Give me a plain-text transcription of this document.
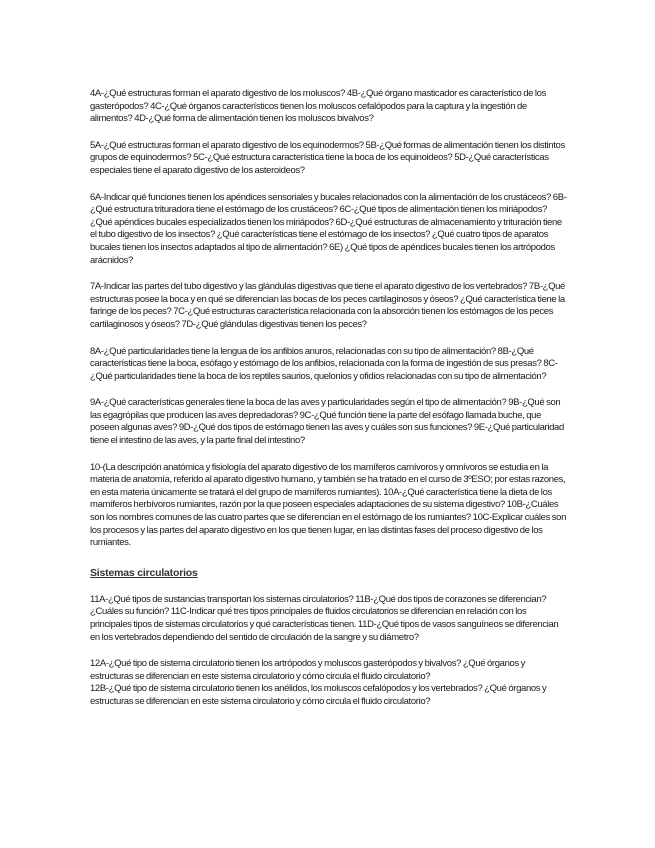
4A-¿Qué estructuras forman el aparato digestivo de los moluscos? 4B-¿Qué órgano masticador es característico de los gasterópodos? 4C-¿Qué órganos característicos tienen los moluscos cefalópodos para la captura y la ingestión de alimentos? 4D-¿Qué forma de alimentación tienen los moluscos bivalvos?

5A-¿Qué estructuras forman el aparato digestivo de los equinodermos? 5B-¿Qué formas de alimentación tienen los distintos grupos de equinodermos? 5C-¿Qué estructura característica tiene la boca de los equinoideos? 5D-¿Qué características especiales tiene el aparato digestivo de los asteroideos?

6A-Indicar qué funciones tienen los apéndices sensoriales y bucales relacionados con la alimentación de los crustáceos? 6B-¿Qué estructura trituradora tiene el estómago de los crustáceos? 6C-¿Qué tipos de alimentación tienen los miriápodos? ¿Qué apéndices bucales especializados tienen los miriápodos? 6D-¿Qué estructuras de almacenamiento y trituración tiene el tubo digestivo de los insectos? ¿Qué características tiene el estómago de los insectos? ¿Qué cuatro tipos de aparatos bucales tienen los insectos adaptados al tipo de alimentación? 6E) ¿Qué tipos de apéndices bucales tienen los artrópodos arácnidos?

7A-Indicar las partes del tubo digestivo y las glándulas digestivas que tiene el aparato digestivo de los vertebrados? 7B-¿Qué estructuras posee la boca y en qué se diferencian las bocas de los peces cartilaginosos y óseos? ¿Qué característica tiene la faringe de los peces? 7C-¿Qué estructuras característica relacionada con la absorción tienen los estómagos de los peces cartilaginosos y óseos? 7D-¿Qué glándulas digestivas tienen los peces?

8A-¿Qué particularidades tiene la lengua de los anfibios anuros, relacionadas con su tipo de alimentación? 8B-¿Qué características tiene la boca, esófago y estómago de los anfibios, relacionada con la forma de ingestión de sus presas? 8C-¿Qué particularidades tiene la boca de los reptiles saurios, quelonios y ofidios relacionadas con su tipo de alimentación?

9A-¿Qué características generales tiene la boca de las aves y particularidades según el tipo de alimentación? 9B-¿Qué son las egagrópilas que producen las aves depredadoras? 9C-¿Qué función tiene la parte del esófago llamada buche, que poseen algunas aves? 9D-¿Qué dos tipos de estómago tienen las aves y cuáles son sus funciones? 9E-¿Qué particularidad tiene el intestino de las aves, y la parte final del intestino?

10-(La descripción anatómica y fisiología del aparato digestivo de los mamíferos carnívoros y omnívoros se estudia en la materia de anatomía, referido al aparato digestivo humano, y también se ha tratado en el curso de 3ºESO; por estas razones, en esta materia únicamente se tratará el del grupo de mamíferos rumiantes). 10A-¿Qué característica tiene la dieta de los mamíferos herbívoros rumiantes, razón por la que poseen especiales adaptaciones de su sistema digestivo? 10B-¿Cuáles son los nombres comunes de las cuatro partes que se diferencian en el estómago de los rumiantes? 10C-Explicar cuáles son los procesos y las partes del aparato digestivo en los que tienen lugar, en las distintas fases del proceso digestivo de los rumiantes.

Sistemas circulatorios

11A-¿Qué tipos de sustancias transportan los sistemas circulatorios? 11B-¿Qué dos tipos de corazones se diferencian? ¿Cuáles su función? 11C-Indicar qué tres tipos principales de fluidos circulatorios se diferencian en relación con los principales tipos de sistemas circulatorios y qué características tienen. 11D-¿Qué tipos de vasos sanguíneos se diferencian en los vertebrados dependiendo del sentido de circulación de la sangre y su diámetro?

12A-¿Qué tipo de sistema circulatorio tienen los artrópodos y moluscos gasterópodos y bivalvos? ¿Qué órganos y estructuras se diferencian en este sistema circulatorio y cómo circula el fluido circulatorio?

12B-¿Qué tipo de sistema circulatorio tienen los anélidos, los moluscos cefalópodos y los vertebrados? ¿Qué órganos y estructuras se diferencian en este sistema circulatorio y cómo circula el fluido circulatorio?
